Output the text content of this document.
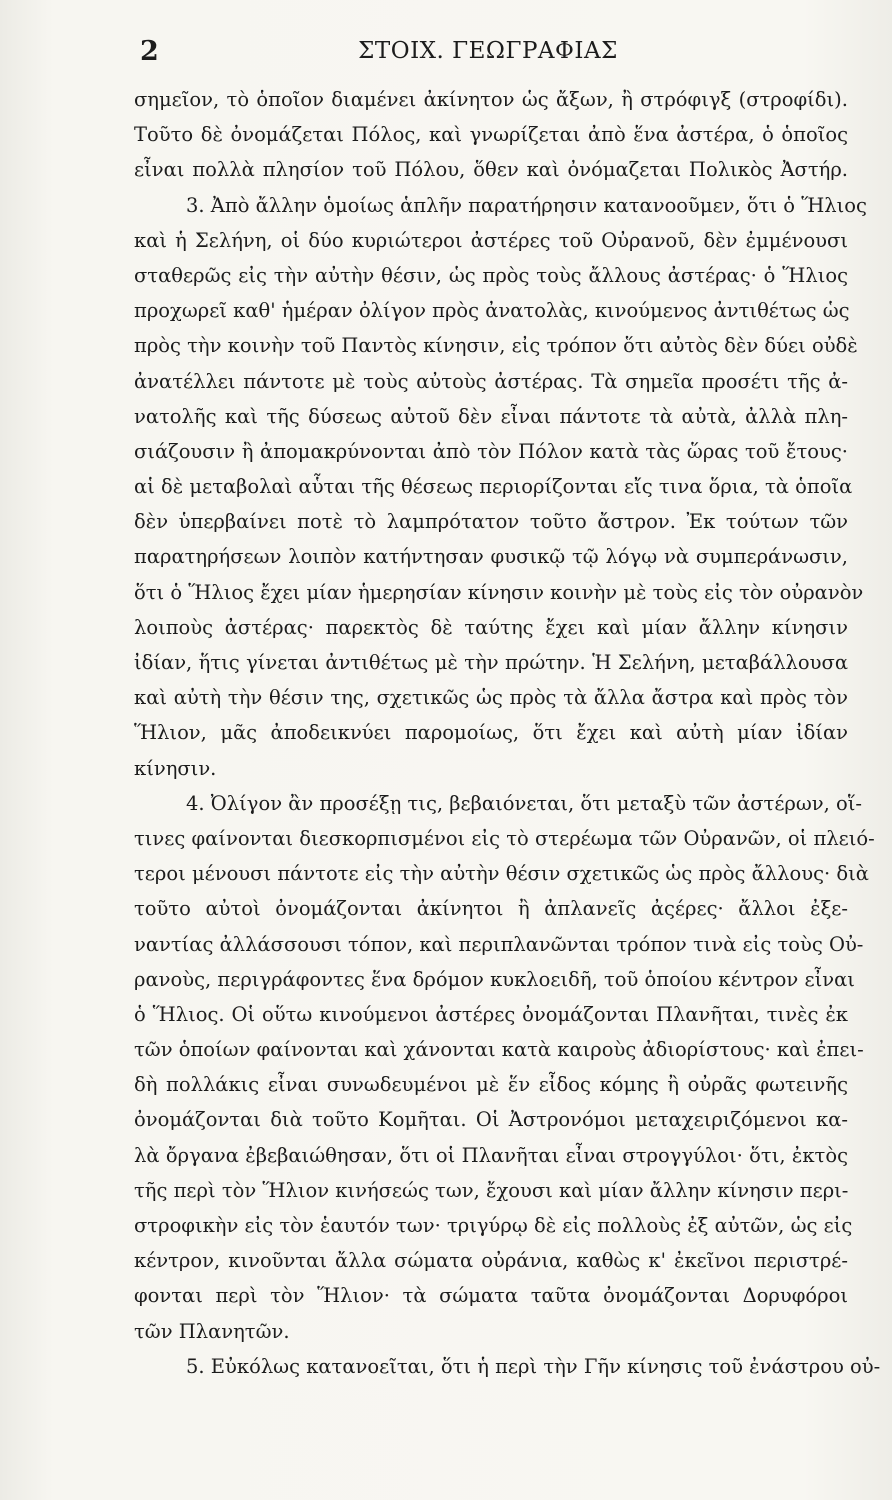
2	ΣΤΟΙΧ. ΓΕΩΓΡΑΦΙΑΣ
σημεῖον, τὸ ὁποῖον διαμένει ἀκίνητον ὡς ἄξων, ἢ στρόφιγξ (στροφίδι).
Τοῦτο δὲ ὀνομάζεται Πόλος, καὶ γνωρίζεται ἀπὸ ἕνα ἀστέρα, ὁ ὁποῖος
εἶναι πολλὰ πλησίον τοῦ Πόλου, ὅθεν καὶ ὀνόμαζεται Πολικὸς Ἀστήρ.
3. Ἀπὸ ἄλλην ὁμοίως ἁπλῆν παρατήρησιν κατανοοῦμεν, ὅτι ὁ Ἥλιος
καὶ ἡ Σελήνη, οἱ δύο κυριώτεροι ἀστέρες τοῦ Οὐρανοῦ, δὲν ἐμμένουσι
σταθερῶς εἰς τὴν αὐτὴν θέσιν, ὡς πρὸς τοὺς ἄλλους ἀστέρας· ὁ Ἥλιος
προχωρεῖ καθ' ἡμέραν ὀλίγον πρὸς ἀνατολὰς, κινούμενος ἀντιθέτως ὡς
πρὸς τὴν κοινὴν τοῦ Παντὸς κίνησιν, εἰς τρόπον ὅτι αὐτὸς δὲν δύει οὐδὲ
ἀνατέλλει πάντοτε μὲ τοὺς αὐτοὺς ἀστέρας. Τὰ σημεῖα προσέτι τῆς ἀ-
νατολῆς καὶ τῆς δύσεως αὐτοῦ δὲν εἶναι πάντοτε τὰ αὐτὰ, ἀλλὰ πλη-
σιάζουσιν ἢ ἀπομακρύνονται ἀπὸ τὸν Πόλον κατὰ τὰς ὥρας τοῦ ἔτους·
αἱ δὲ μεταβολαὶ αὗται τῆς θέσεως περιορίζονται εἴς τινα ὅρια, τὰ ὁποῖα
δὲν ὑπερβαίνει ποτὲ τὸ λαμπρότατον τοῦτο ἄστρον. Ἐκ τούτων τῶν
παρατηρήσεων λοιπὸν κατήντησαν φυσικῷ τῷ λόγῳ νὰ συμπεράνωσιν,
ὅτι ὁ Ἥλιος ἔχει μίαν ἡμερησίαν κίνησιν κοινὴν μὲ τοὺς εἰς τὸν οὐρανὸν
λοιποὺς ἀστέρας· παρεκτὸς δὲ ταύτης ἔχει καὶ μίαν ἄλλην κίνησιν
ἰδίαν, ἥτις γίνεται ἀντιθέτως μὲ τὴν πρώτην. Ἡ Σελήνη, μεταβάλλουσα
καὶ αὐτὴ τὴν θέσιν της, σχετικῶς ὡς πρὸς τὰ ἄλλα ἄστρα καὶ πρὸς τὸν
Ἥλιον, μᾶς ἀποδεικνύει παρομοίως, ὅτι ἔχει καὶ αὐτὴ μίαν ἰδίαν
κίνησιν.
4. Ὀλίγον ἂν προσέξῃ τις, βεβαιόνεται, ὅτι μεταξὺ τῶν ἀστέρων, οἵ-
τινες φαίνονται διεσκορπισμένοι εἰς τὸ στερέωμα τῶν Οὐρανῶν, οἱ πλειό-
τεροι μένουσι πάντοτε εἰς τὴν αὐτὴν θέσιν σχετικῶς ὡς πρὸς ἄλλους· διὰ
τοῦτο αὐτοὶ ὀνομάζονται ἀκίνητοι ἢ ἀπλανεῖς ἀςέρες· ἄλλοι ἐξε-
ναντίας ἀλλάσσουσι τόπον, καὶ περιπλανῶνται τρόπον τινὰ εἰς τοὺς Οὐ-
ρανοὺς, περιγράφοντες ἕνα δρόμον κυκλοειδῆ, τοῦ ὁποίου κέντρον εἶναι
ὁ Ἥλιος. Οἱ οὕτω κινούμενοι ἀστέρες ὀνομάζονται Πλανῆται, τινὲς ἐκ
τῶν ὁποίων φαίνονται καὶ χάνονται κατὰ καιροὺς ἀδιορίστους· καὶ ἐπει-
δὴ πολλάκις εἶναι συνωδευμένοι μὲ ἕν εἶδος κόμης ἢ οὐρᾶς φωτεινῆς
ὀνομάζονται διὰ τοῦτο Κομῆται. Οἱ Ἀστρονόμοι μεταχειριζόμενοι κα-
λὰ ὄργανα ἐβεβαιώθησαν, ὅτι οἱ Πλανῆται εἶναι στρογγύλοι· ὅτι, ἐκτὸς
τῆς περὶ τὸν Ἥλιον κινήσεώς των, ἔχουσι καὶ μίαν ἄλλην κίνησιν περι-
στροφικὴν εἰς τὸν ἑαυτόν των· τριγύρῳ δὲ εἰς πολλοὺς ἐξ αὐτῶν, ὡς εἰς
κέντρον, κινοῦνται ἄλλα σώματα οὐράνια, καθὼς κ' ἐκεῖνοι περιστρέ-
φονται περὶ τὸν Ἥλιον· τὰ σώματα ταῦτα ὀνομάζονται Δορυφόροι
τῶν Πλανητῶν.
5. Εὐκόλως κατανοεῖται, ὅτι ἡ περὶ τὴν Γῆν κίνησις τοῦ ἐνάστρου οὐ-
